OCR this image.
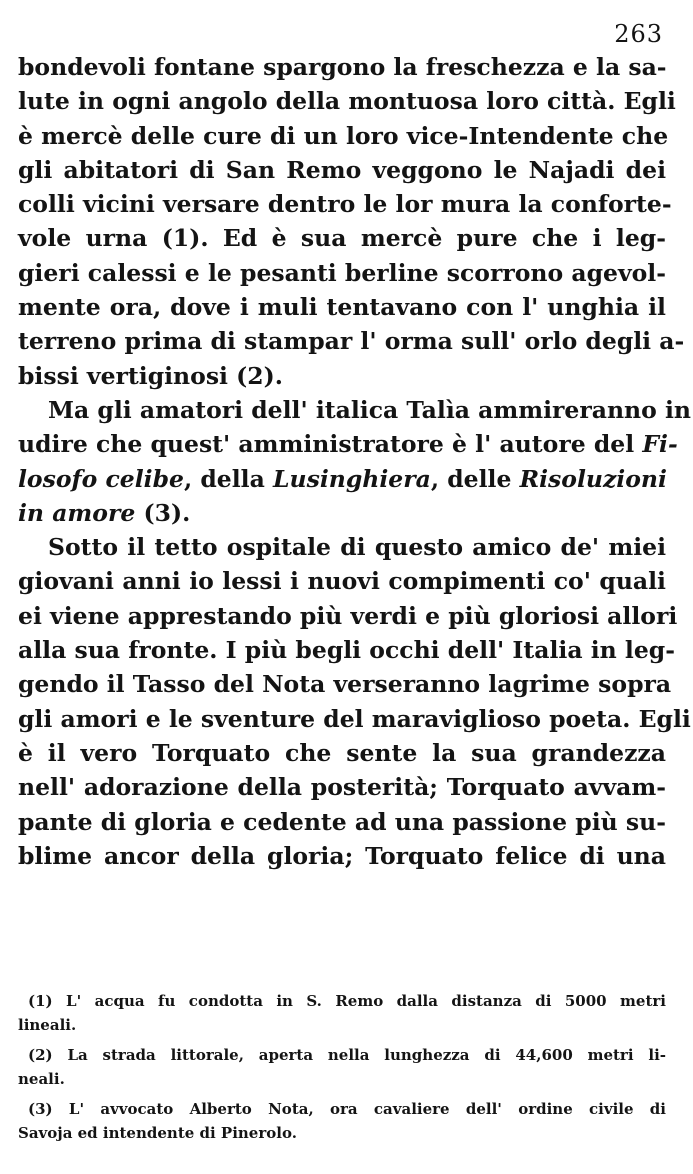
263
bondevoli fontane spargono la freschezza e la sa-
lute in ogni angolo della montuosa loro città. Egli
è mercè delle cure di un loro vice-Intendente che
gli abitatori di San Remo veggono le Najadi dei
colli vicini versare dentro le lor mura la conforte-
vole urna (1). Ed è sua mercè pure che i leg-
gieri calessi e le pesanti berline scorrono agevol-
mente ora, dove i muli tentavano con l' unghia il
terreno prima di stampar l' orma sull' orlo degli a-
bissi vertiginosi (2).
Ma gli amatori dell' italica Talìa ammireranno in
udire che quest' amministratore è l' autore del Fi-
losofo celibe, della Lusinghiera, delle Risoluzioni
in amore (3).
Sotto il tetto ospitale di questo amico de' miei
giovani anni io lessi i nuovi compimenti co' quali
ei viene apprestando più verdi e più gloriosi allori
alla sua fronte. I più begli occhi dell' Italia in leg-
gendo il Tasso del Nota verseranno lagrime sopra
gli amori e le sventure del maraviglioso poeta. Egli
è il vero Torquato che sente la sua grandezza
nell' adorazione della posterità; Torquato avvam-
pante di gloria e cedente ad una passione più su-
blime ancor della gloria; Torquato felice di una
(1) L' acqua fu condotta in S. Remo dalla distanza di 5000 metri
lineali.
(2) La strada littorale, aperta nella lunghezza di 44,600 metri li-
neali.
(3) L' avvocato Alberto Nota, ora cavaliere dell' ordine civile di
Savoja ed intendente di Pinerolo.
